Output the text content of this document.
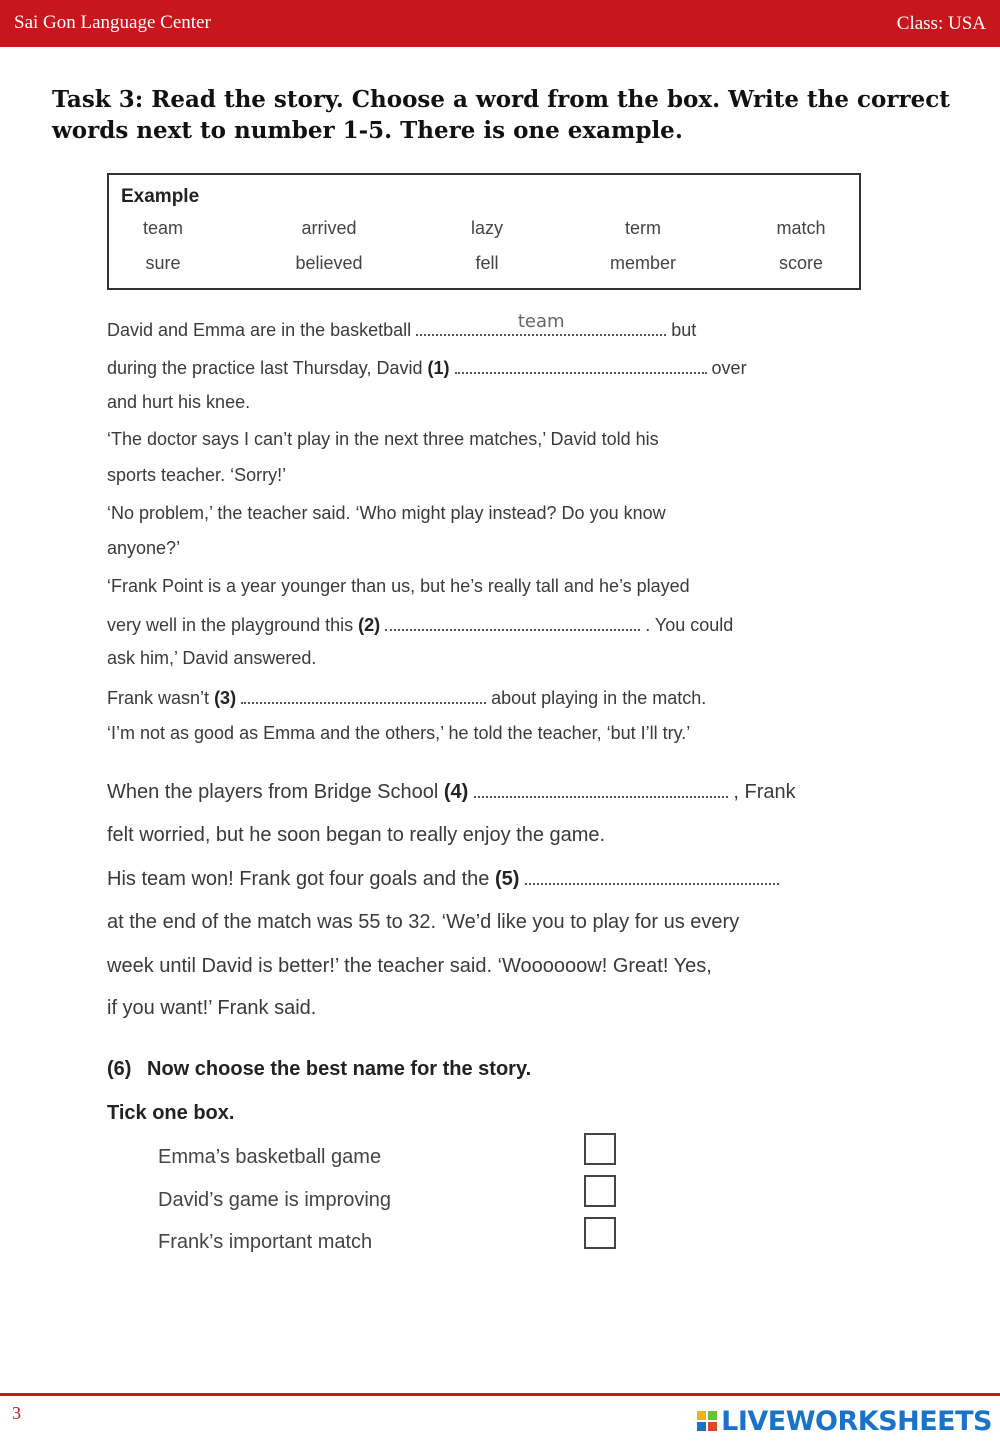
Sai Gon Language Center	Class: USA
Task 3: Read the story. Choose a word from the box. Write the correct words next to number 1-5. There is one example.
Example
team	arrived	lazy	term	match
sure	believed	fell	member	score
David and Emma are in the basketball	team	but
during the practice last Thursday, David (1)	over
and hurt his knee.
‘The doctor says I can’t play in the next three matches,’ David told his
sports teacher. ‘Sorry!’
‘No problem,’ the teacher said. ‘Who might play instead? Do you know
anyone?’
‘Frank Point is a year younger than us, but he’s really tall and he’s played
very well in the playground this (2)	. You could
ask him,’ David answered.
Frank wasn’t (3)	about playing in the match.
‘I’m not as good as Emma and the others,’ he told the teacher, ‘but I’ll try.’
When the players from Bridge School (4)	, Frank
felt worried, but he soon began to really enjoy the game.
His team won! Frank got four goals and the (5)
at the end of the match was 55 to 32. ‘We’d like you to play for us every
week until David is better!’ the teacher said. ‘Woooooow! Great! Yes,
if you want!’ Frank said.
(6) Now choose the best name for the story.
Tick one box.
Emma’s basketball game
David’s game is improving
Frank’s important match
3	LIVEWORKSHEETS
